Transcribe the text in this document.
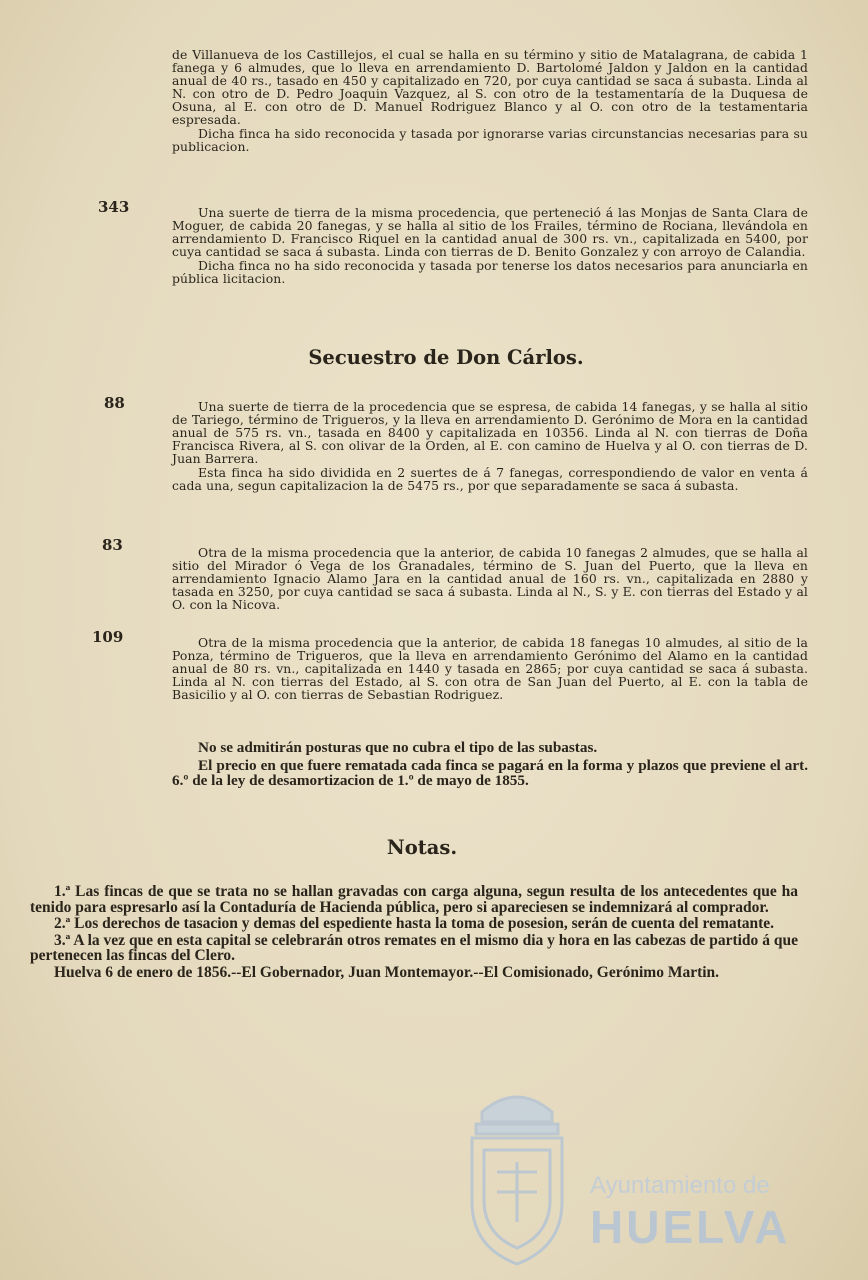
de Villanueva de los Castillejos, el cual se halla en su término y sitio de Matalagrana, de cabida 1 fanega y 6 almudes, que lo lleva en arrendamiento D. Bartolomé Jaldon y Jaldon en la cantidad anual de 40 rs., tasado en 450 y capitalizado en 720, por cuya cantidad se saca á subasta. Linda al N. con otro de D. Pedro Joaquin Vazquez, al S. con otro de la testamentaría de la Duquesa de Osuna, al E. con otro de D. Manuel Rodriguez Blanco y al O. con otro de la testamentaria espresada.

Dicha finca ha sido reconocida y tasada por ignorarse varias circunstancias necesarias para su publicacion.

343	Una suerte de tierra de la misma procedencia, que perteneció á las Monjas de Santa Clara de Moguer, de cabida 20 fanegas, y se halla al sitio de los Frailes, término de Rociana, llevándola en arrendamiento D. Francisco Riquel en la cantidad anual de 300 rs. vn., capitalizada en 5400, por cuya cantidad se saca á subasta. Linda con tierras de D. Benito Gonzalez y con arroyo de Calandia.

Dicha finca no ha sido reconocida y tasada por tenerse los datos necesarios para anunciarla en pública licitacion.

Secuestro de Don Cárlos.
88	Una suerte de tierra de la procedencia que se espresa, de cabida 14 fanegas, y se halla al sitio de Tariego, término de Trigueros, y la lleva en arrendamiento D. Gerónimo de Mora en la cantidad anual de 575 rs. vn., tasada en 8400 y capitalizada en 10356. Linda al N. con tierras de Doña Francisca Rivera, al S. con olivar de la Orden, al E. con camino de Huelva y al O. con tierras de D. Juan Barrera.

Esta finca ha sido dividida en 2 suertes de á 7 fanegas, correspondiendo de valor en venta á cada una, segun capitalizacion la de 5475 rs., por que separadamente se saca á subasta.

83	Otra de la misma procedencia que la anterior, de cabida 10 fanegas 2 almudes, que se halla al sitio del Mirador ó Vega de los Granadales, término de S. Juan del Puerto, que la lleva en arrendamiento Ignacio Alamo Jara en la cantidad anual de 160 rs. vn., capitalizada en 2880 y tasada en 3250, por cuya cantidad se saca á subasta. Linda al N., S. y E. con tierras del Estado y al O. con la Nicova.

109	Otra de la misma procedencia que la anterior, de cabida 18 fanegas 10 almudes, al sitio de la Ponza, término de Trigueros, que la lleva en arrendamiento Gerónimo del Alamo en la cantidad anual de 80 rs. vn., capitalizada en 1440 y tasada en 2865; por cuya cantidad se saca á subasta. Linda al N. con tierras del Estado, al S. con otra de San Juan del Puerto, al E. con la tabla de Basicilio y al O. con tierras de Sebastian Rodriguez.

No se admitirán posturas que no cubra el tipo de las subastas.

El precio en que fuere rematada cada finca se pagará en la forma y plazos que previene el art. 6.º de la ley de desamortizacion de 1.º de mayo de 1855.

Notas.

1.ª Las fincas de que se trata no se hallan gravadas con carga alguna, segun resulta de los antecedentes que ha tenido para espresarlo así la Contaduría de Hacienda pública, pero si apareciesen se indemnizará al comprador.

2.ª Los derechos de tasacion y demas del espediente hasta la toma de posesion, serán de cuenta del rematante.

3.ª A la vez que en esta capital se celebrarán otros remates en el mismo dia y hora en las cabezas de partido á que pertenecen las fincas del Clero.

Huelva 6 de enero de 1856.--El Gobernador, Juan Montemayor.--El Comisionado, Gerónimo Martin.

Ayuntamiento de
HUELVA
